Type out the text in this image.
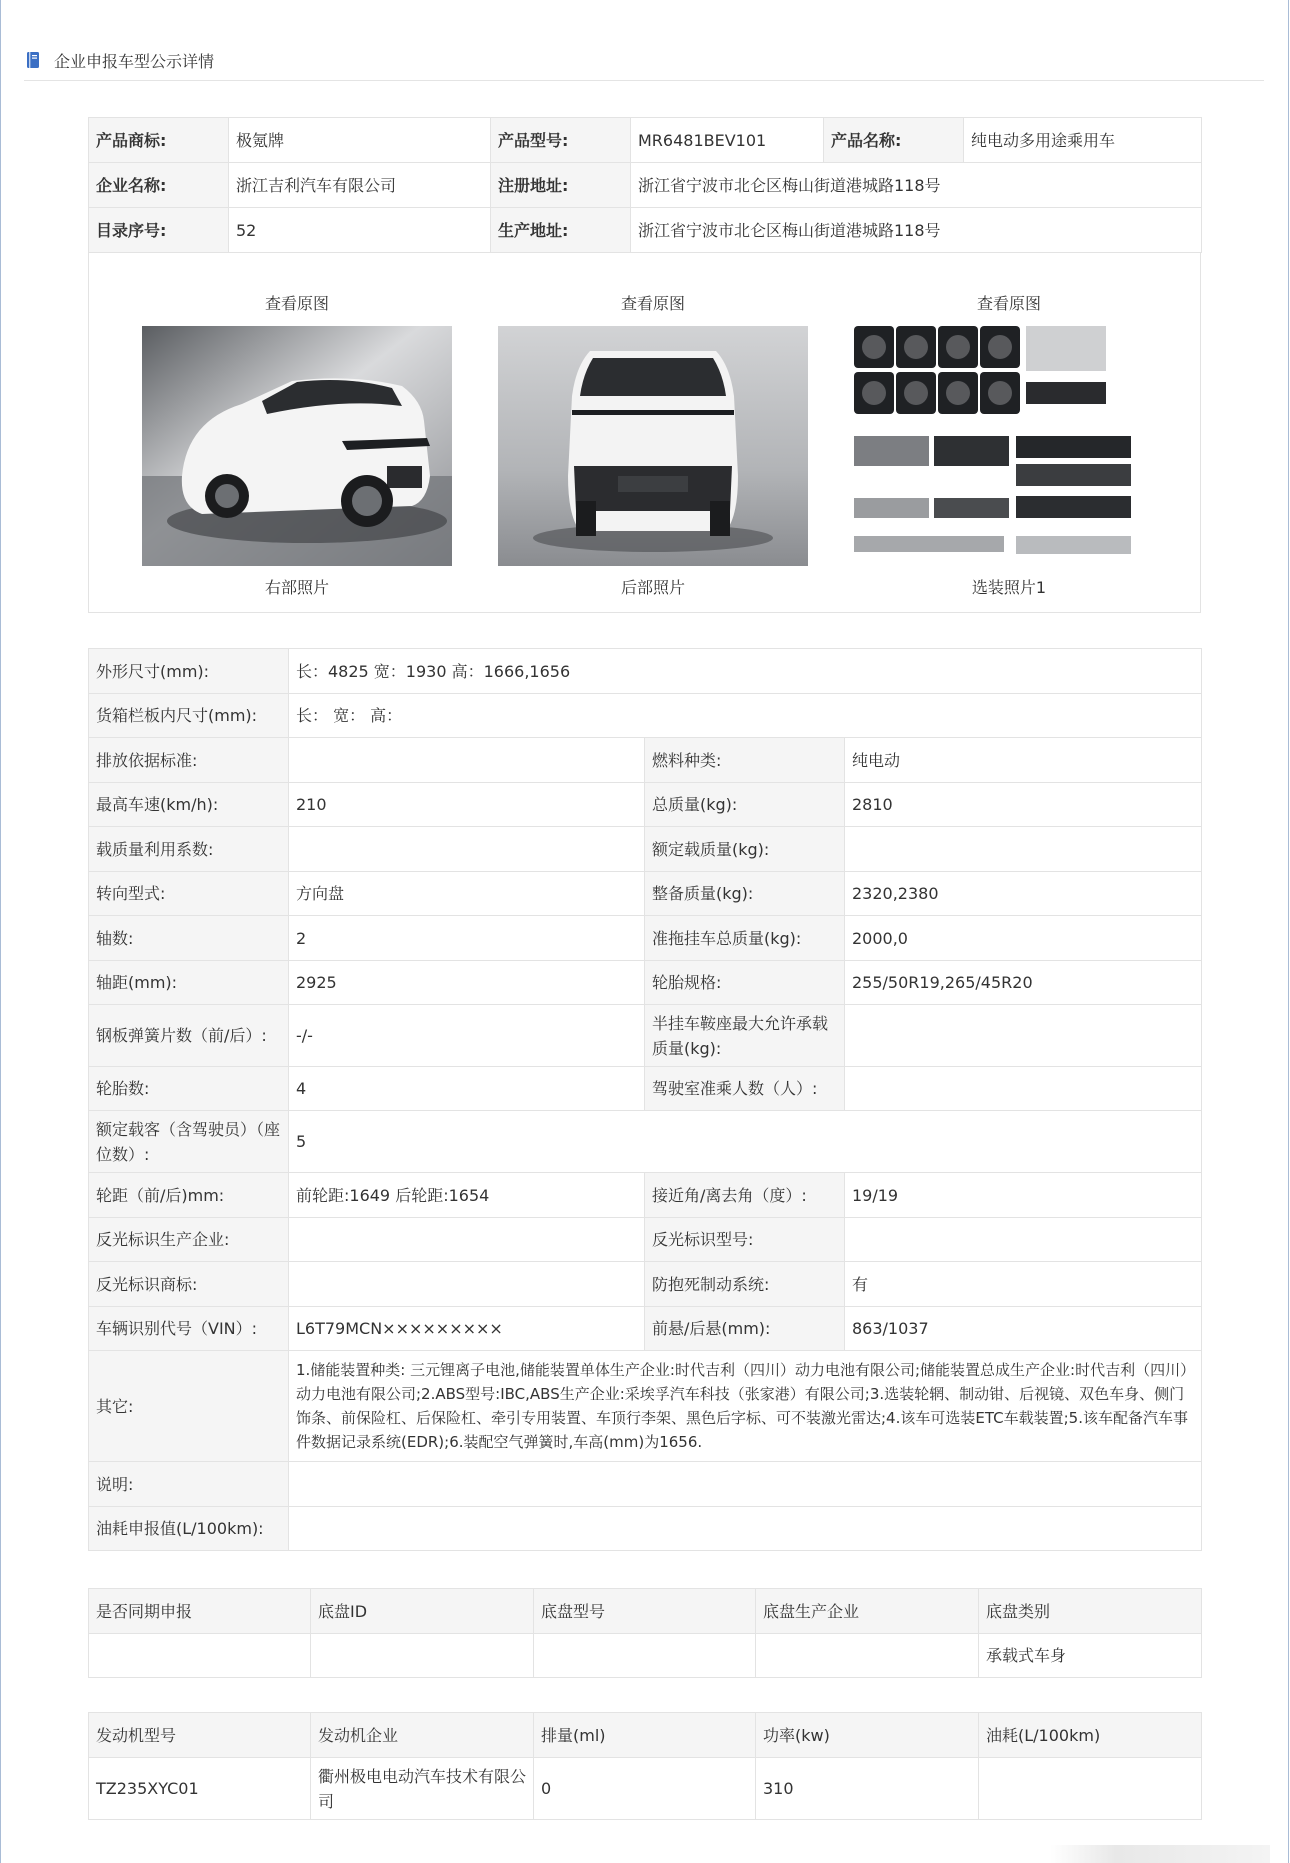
企业申报车型公示详情
产品商标:	极氪牌	产品型号:	MR6481BEV101	产品名称:	纯电动多用途乘用车
企业名称:	浙江吉利汽车有限公司	注册地址:	浙江省宁波市北仑区梅山街道港城路118号		
目录序号:	52	生产地址:	浙江省宁波市北仑区梅山街道港城路118号		
查看原图
右部照片
查看原图
后部照片
查看原图
选装照片1
外形尺寸(mm):	长：4825 宽：1930 高：1666,1656		
货箱栏板内尺寸(mm):	长： 宽： 高：		
排放依据标准:		燃料种类:	纯电动
最高车速(km/h):	210	总质量(kg):	2810
载质量利用系数:		额定载质量(kg):	
转向型式:	方向盘	整备质量(kg):	2320,2380
轴数:	2	准拖挂车总质量(kg):	2000,0
轴距(mm):	2925	轮胎规格:	255/50R19,265/45R20
钢板弹簧片数（前/后）:	-/-	半挂车鞍座最大允许承载质量(kg):	
轮胎数:	4	驾驶室准乘人数（人）:	
额定载客（含驾驶员）（座位数）:	5		
轮距（前/后)mm:	前轮距:1649 后轮距:1654	接近角/离去角（度）:	19/19
反光标识生产企业:		反光标识型号:	
反光标识商标:		防抱死制动系统:	有
车辆识别代号（VIN）:	L6T79MCN×××××××××	前悬/后悬(mm):	863/1037
其它:	1.储能装置种类: 三元锂离子电池,储能装置单体生产企业:时代吉利（四川）动力电池有限公司;储能装置总成生产企业:时代吉利（四川）动力电池有限公司;2.ABS型号:IBC,ABS生产企业:采埃孚汽车科技（张家港）有限公司;3.选装轮辋、制动钳、后视镜、双色车身、侧门饰条、前保险杠、后保险杠、牵引专用装置、车顶行李架、黑色后字标、可不装激光雷达;4.该车可选装ETC车载装置;5.该车配备汽车事件数据记录系统(EDR);6.装配空气弹簧时,车高(mm)为1656.		
说明:			
油耗申报值(L/100km):			
是否同期申报	底盘ID	底盘型号	底盘生产企业	底盘类别
				承载式车身
发动机型号	发动机企业	排量(ml)	功率(kw)	油耗(L/100km)
TZ235XYC01	衢州极电电动汽车技术有限公司	0	310	
